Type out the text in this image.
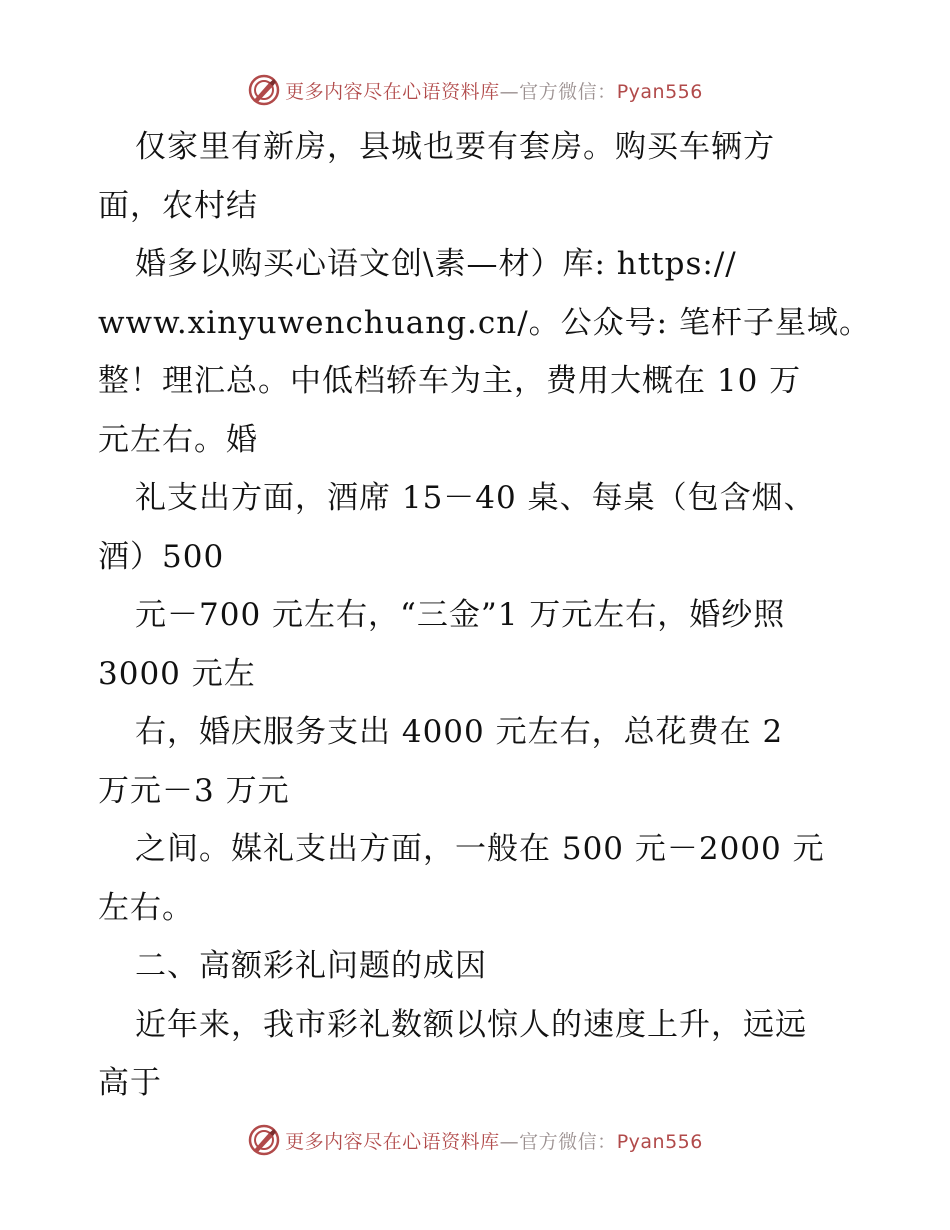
更多内容尽在心语资料库—官方微信：Pyan556
仅家里有新房，县城也要有套房。购买车辆方
面，农村结
婚多以购买心语文创\素—材）库: https://
www.xinyuwenchuang.cn/。公众号: 笔杆子星域。
整！理汇总。中低档轿车为主，费用大概在 10 万
元左右。婚
礼支出方面，酒席 15－40 桌、每桌（包含烟、
酒）500
元－700 元左右，“三金”1 万元左右，婚纱照
3000 元左
右，婚庆服务支出 4000 元左右，总花费在 2
万元－3 万元
之间。媒礼支出方面，一般在 500 元－2000 元
左右。
二、高额彩礼问题的成因
近年来，我市彩礼数额以惊人的速度上升，远远
高于
更多内容尽在心语资料库—官方微信：Pyan556
